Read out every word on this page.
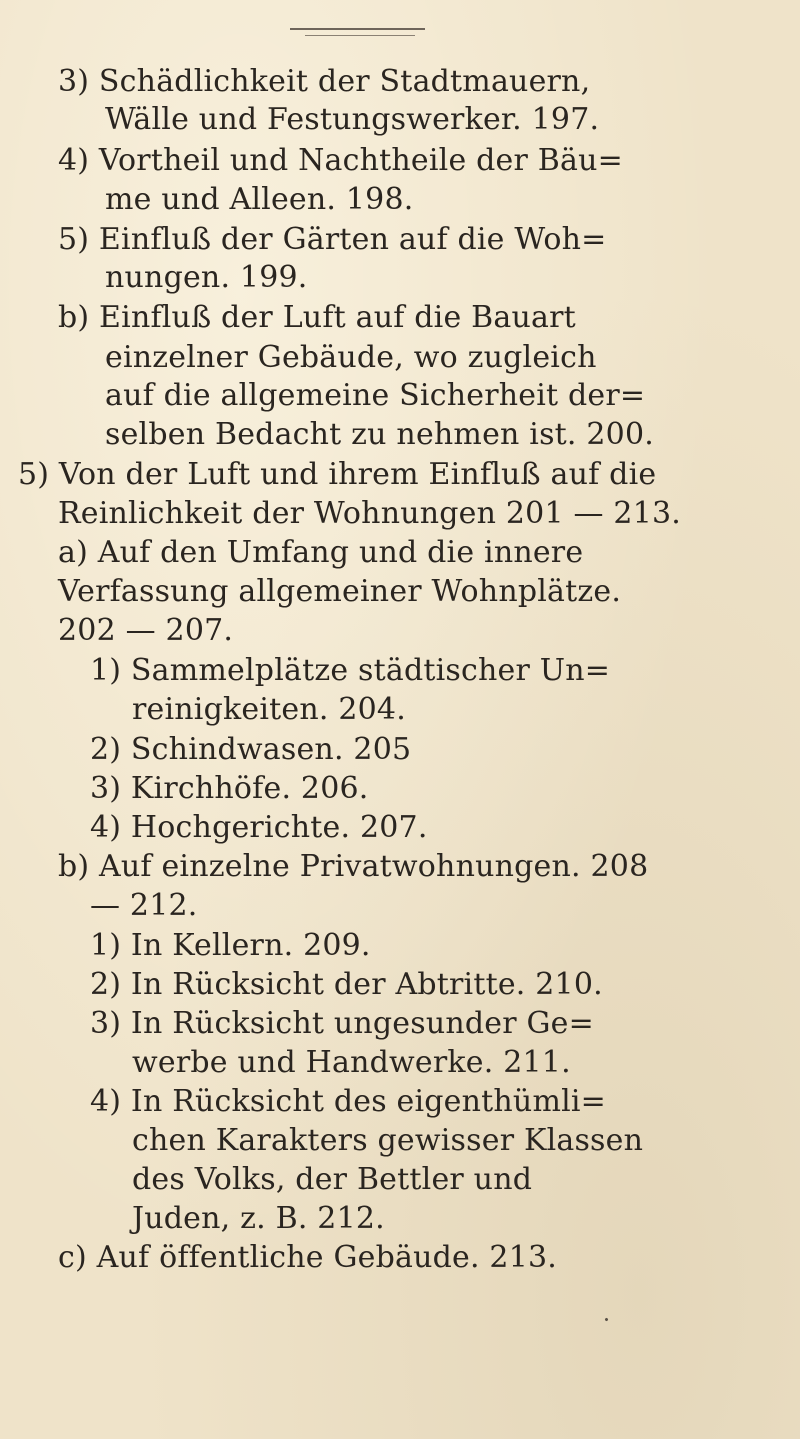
3) Schädlichkeit der Stadtmauern,
Wälle und Festungswerker. 197.
4) Vortheil und Nachtheile der Bäu=
me und Alleen. 198.
5) Einfluß der Gärten auf die Woh=
nungen. 199.
b) Einfluß der Luft auf die Bauart
einzelner Gebäude, wo zugleich
auf die allgemeine Sicherheit der=
selben Bedacht zu nehmen ist. 200.
5) Von der Luft und ihrem Einfluß auf die
Reinlichkeit der Wohnungen 201 — 213.
a) Auf den Umfang und die innere
Verfassung allgemeiner Wohnplätze.
202 — 207.
1) Sammelplätze städtischer Un=
reinigkeiten. 204.
2) Schindwasen. 205
3) Kirchhöfe. 206.
4) Hochgerichte. 207.
b) Auf einzelne Privatwohnungen. 208
— 212.
1) In Kellern. 209.
2) In Rücksicht der Abtritte. 210.
3) In Rücksicht ungesunder Ge=
werbe und Handwerke. 211.
4) In Rücksicht des eigenthümli=
chen Karakters gewisser Klassen
des Volks, der Bettler und
Juden, z. B. 212.
c) Auf öffentliche Gebäude. 213.
